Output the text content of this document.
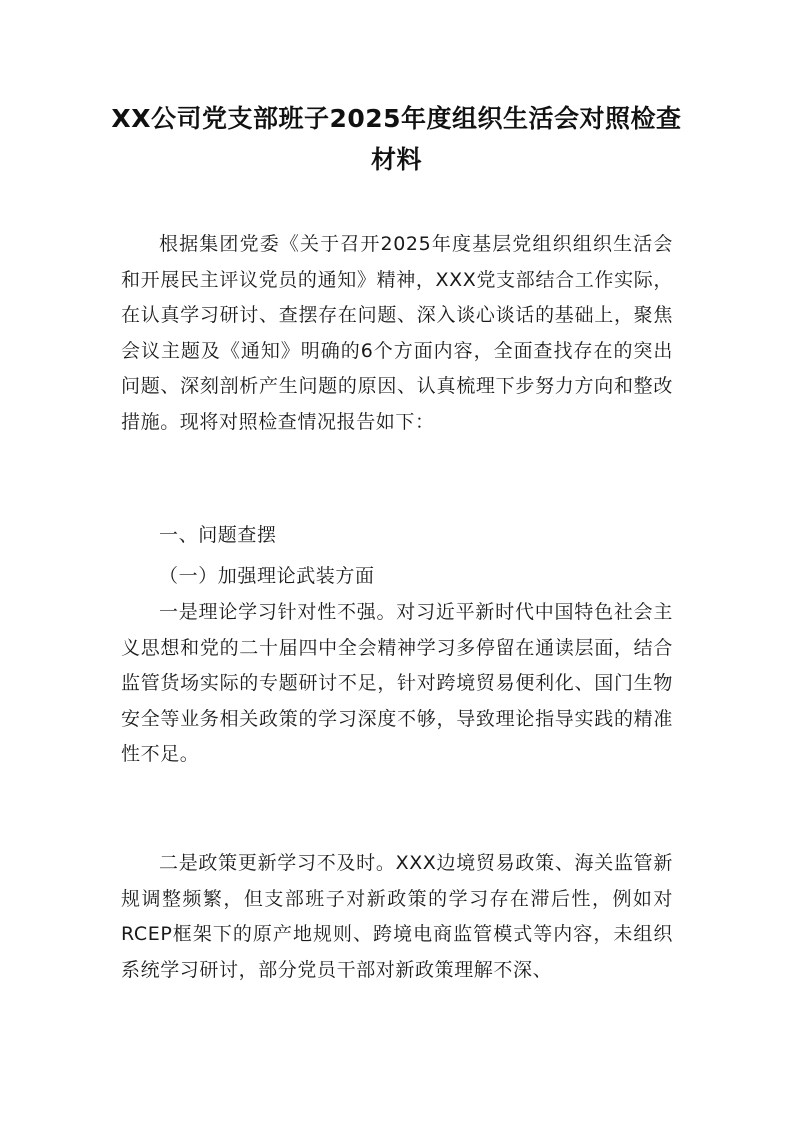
XX公司党支部班子2025年度组织生活会对照检查材料

根据集团党委《关于召开2025年度基层党组织组织生活会和开展民主评议党员的通知》精神，XXX党支部结合工作实际，在认真学习研讨、查摆存在问题、深入谈心谈话的基础上，聚焦会议主题及《通知》明确的6个方面内容，全面查找存在的突出问题、深刻剖析产生问题的原因、认真梳理下步努力方向和整改措施。现将对照检查情况报告如下：

一、问题查摆

（一）加强理论武装方面

一是理论学习针对性不强。对习近平新时代中国特色社会主义思想和党的二十届四中全会精神学习多停留在通读层面，结合监管货场实际的专题研讨不足，针对跨境贸易便利化、国门生物安全等业务相关政策的学习深度不够，导致理论指导实践的精准性不足。

二是政策更新学习不及时。XXX边境贸易政策、海关监管新规调整频繁，但支部班子对新政策的学习存在滞后性，例如对RCEP框架下的原产地规则、跨境电商监管模式等内容，未组织系统学习研讨，部分党员干部对新政策理解不深、
